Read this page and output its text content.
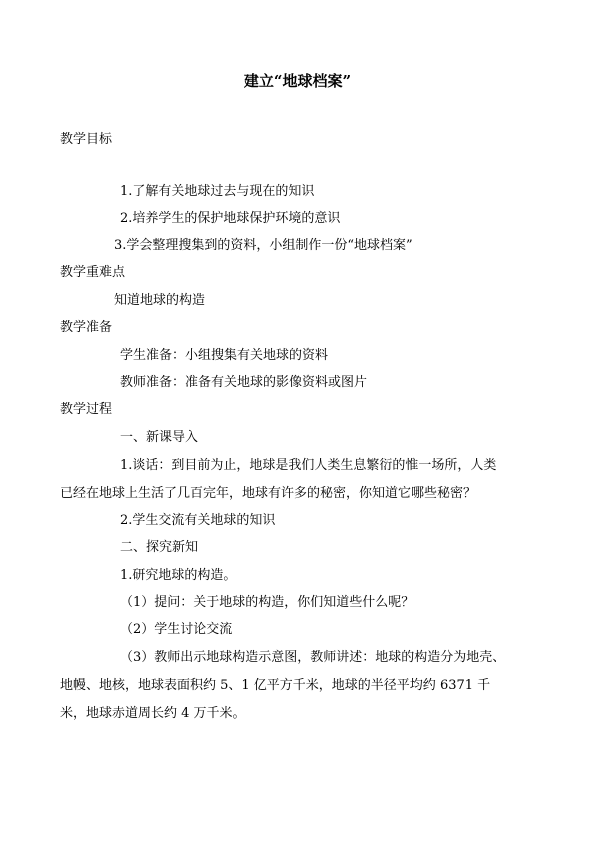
建立“地球档案”
教学目标
1.了解有关地球过去与现在的知识
2.培养学生的保护地球保护环境的意识
3.学会整理搜集到的资料，小组制作一份“地球档案”
教学重难点
知道地球的构造
教学准备
学生准备：小组搜集有关地球的资料
教师准备：准备有关地球的影像资料或图片
教学过程
一、新课导入
1.谈话：到目前为止，地球是我们人类生息繁衍的惟一场所，人类
已经在地球上生活了几百完年，地球有许多的秘密，你知道它哪些秘密？
2.学生交流有关地球的知识
二、探究新知
1.研究地球的构造。
（1）提问：关于地球的构造，你们知道些什么呢？
（2）学生讨论交流
（3）教师出示地球构造示意图，教师讲述：地球的构造分为地壳、
地幔、地核，地球表面积约 5、1 亿平方千米，地球的半径平均约 6371 千
米，地球赤道周长约 4 万千米。
